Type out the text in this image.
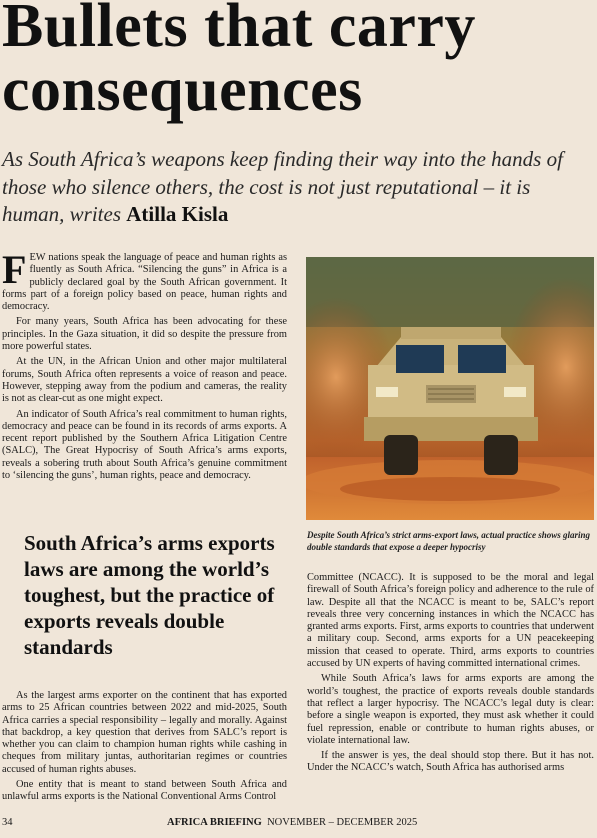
Bullets that carry consequences

As South Africa’s weapons keep finding their way into the hands of those who silence others, the cost is not just reputational – it is human, writes Atilla Kisla

FEW nations speak the language of peace and human rights as fluently as South Africa. “Silencing the guns” in Africa is a publicly declared goal by the South African government. It forms part of a foreign policy based on peace, human rights and democracy.

For many years, South Africa has been advocating for these principles. In the Gaza situation, it did so despite the pressure from more powerful states.

At the UN, in the African Union and other major multilateral forums, South Africa often represents a voice of reason and peace. However, stepping away from the podium and cameras, the reality is not as clear-cut as one might expect.

An indicator of South Africa’s real commitment to human rights, democracy and peace can be found in its records of arms exports. A recent report published by the Southern Africa Litigation Centre (SALC), The Great Hypocrisy of South Africa’s arms exports, reveals a sobering truth about South Africa’s genuine commitment to ‘silencing the guns’, human rights, peace and democracy.

South Africa’s arms exports laws are among the world’s toughest, but the practice of exports reveals double standards

As the largest arms exporter on the continent that has exported arms to 25 African countries between 2022 and mid-2025, South Africa carries a special responsibility – legally and morally. Against that backdrop, a key question that derives from SALC’s report is whether you can claim to champion human rights while cashing in cheques from military juntas, authoritarian regimes or countries accused of human rights abuses.

One entity that is meant to stand between South Africa and unlawful arms exports is the National Conventional Arms Control

Despite South Africa’s strict arms-export laws, actual practice shows glaring double standards that expose a deeper hypocrisy

Committee (NCACC). It is supposed to be the moral and legal firewall of South Africa’s foreign policy and adherence to the rule of law. Despite all that the NCACC is meant to be, SALC’s report reveals three very concerning instances in which the NCACC has granted arms exports. First, arms exports to countries that underwent a military coup. Second, arms exports for a UN peacekeeping mission that ceased to operate. Third, arms exports to countries accused by UN experts of having committed international crimes.

While South Africa’s laws for arms exports are among the world’s toughest, the practice of exports reveals double standards that reflect a larger hypocrisy. The NCACC’s legal duty is clear: before a single weapon is exported, they must ask whether it could fuel repression, enable or contribute to human rights abuses, or violate international law.

If the answer is yes, the deal should stop there. But it has not. Under the NCACC’s watch, South Africa has authorised arms

34	AFRICA BRIEFING NOVEMBER – DECEMBER 2025
